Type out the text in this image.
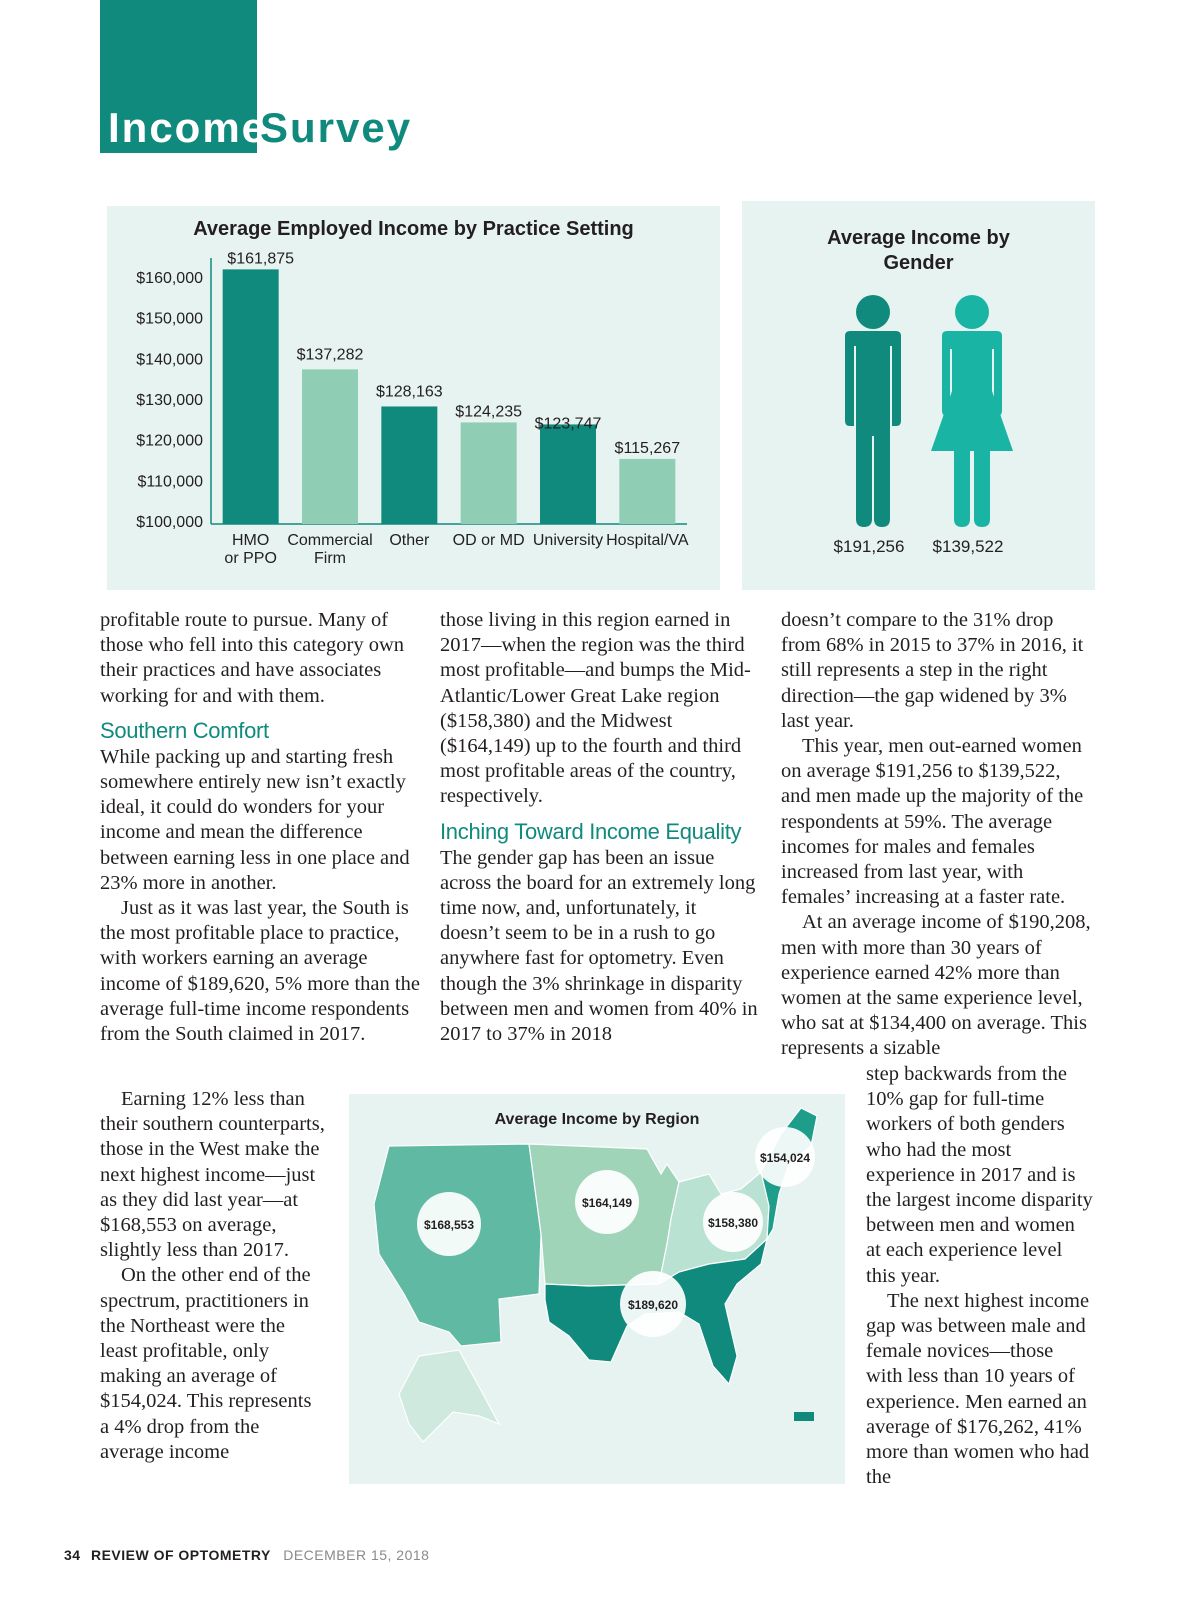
Income
Survey
Average Employed Income by Practice Setting
$160,000
$150,000
$140,000
$130,000
$120,000
$110,000
$100,000
$161,875
HMO
or PPO
$137,282
Commercial
Firm
$128,163
Other
$124,235
OD or MD
$123,747
University
$115,267
Hospital/VA
Average Income by
Gender
$191,256 $139,522
Average Income by Region
$154,024
$164,149
$168,553	$158,380
$189,620

profitable route to pursue. Many of those who fell into this category own their practices and have associates working for and with them.

Southern Comfort

While packing up and starting fresh somewhere entirely new isn’t exactly ideal, it could do wonders for your income and mean the difference between earning less in one place and 23% more in another.

Just as it was last year, the South is the most profitable place to practice, with workers earning an average income of $189,620, 5% more than the average full-time income respondents from the South claimed in 2017.

Earning 12% less than their southern counterparts, those in the West make the next highest income—just as they did last year—at $168,553 on average, slightly less than 2017.

On the other end of the spectrum, practitioners in the Northeast were the least profitable, only making an average of $154,024. This represents a 4% drop from the average income

those living in this region earned in 2017—when the region was the third most profitable—and bumps the Mid-Atlantic/Lower Great Lake region ($158,380) and the Midwest ($164,149) up to the fourth and third most profitable areas of the country, respectively.

Inching Toward Income Equality

The gender gap has been an issue across the board for an extremely long time now, and, unfortunately, it doesn’t seem to be in a rush to go anywhere fast for optometry. Even though the 3% shrinkage in disparity between men and women from 40% in 2017 to 37% in 2018

doesn’t compare to the 31% drop from 68% in 2015 to 37% in 2016, it still represents a step in the right direction—the gap widened by 3% last year.

This year, men out-earned women on average $191,256 to $139,522, and men made up the majority of the respondents at 59%. The average incomes for males and females increased from last year, with females’ increasing at a faster rate.

At an average income of $190,208, men with more than 30 years of experience earned 42% more than women at the same experience level, who sat at $134,400 on average. This represents a sizable

step backwards from the 10% gap for full-time workers of both genders who had the most experience in 2017 and is the largest income disparity between men and women at each experience level this year.

The next highest income gap was between male and female novices—those with less than 10 years of experience. Men earned an average of $176,262, 41% more than women who had the

34 REVIEW OF OPTOMETRY DECEMBER 15, 2018
